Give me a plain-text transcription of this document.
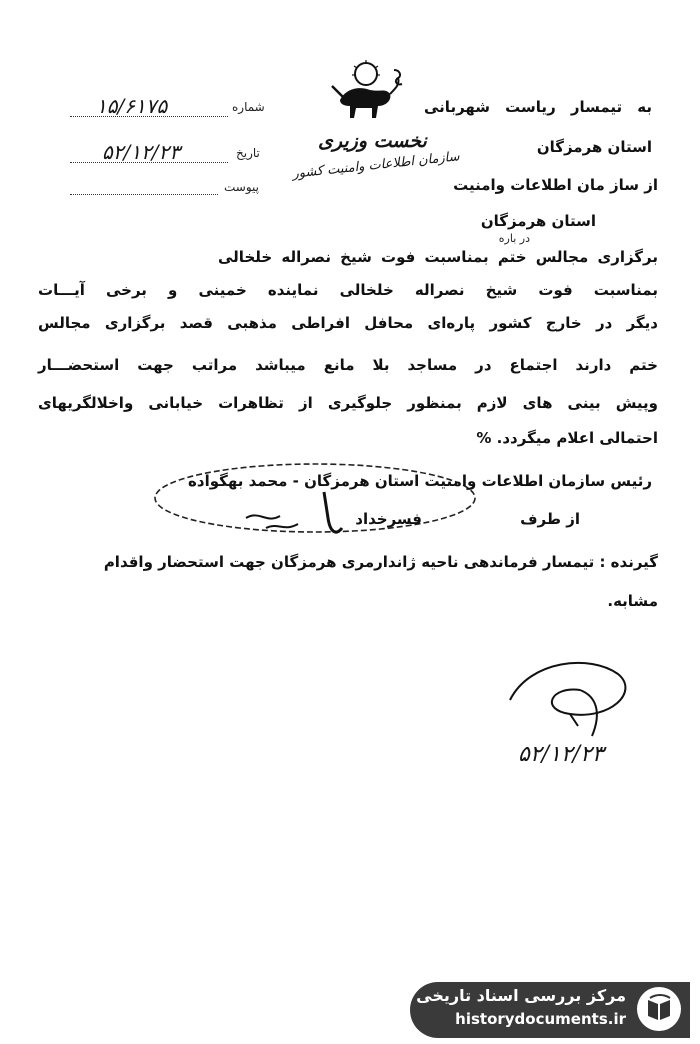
نخست وزیری
سازمان اطلاعات وامنیت کشور
به تیمسار ریاست شهربانی
استان هرمزگان
از ساز مان اطلاعات وامنیت
استان هرمزگان
شماره
۱۵/۶۱۷۵
تاریخ
۵۲/۱۲/۲۳
پیوست
در باره
برگزاری مجالس ختم بمناسبت فوت شیخ نصراله خلخالی
بمناسبت فوت شیخ نصراله خلخالی نماینده خمینی و برخی آیـــات
دیگر در خارج کشور پاره‌ای محافل افراطی مذهبی قصد برگزاری مجالس
ختم دارند اجتماع در مساجد بلا مانع میباشد مراتب جهت استحضـــار
وپیش بینی های لازم بمنظور جلوگیری از تظاهرات خیابانی واخلالگریهای
احتمالی اعلام میگردد. %
رئیس سازمان اطلاعات وامنیت استان هرمزگان - محمد بهگواده
از طرف
فسرخداد
گیرنده : تیمسار فرماندهی ناحیه ژاندارمری هرمزگان جهت استحضار واقدام
مشابه.
۵۲/۱۲/۲۳
مرکز بررسی اسناد تاریخی
historydocuments.ir
